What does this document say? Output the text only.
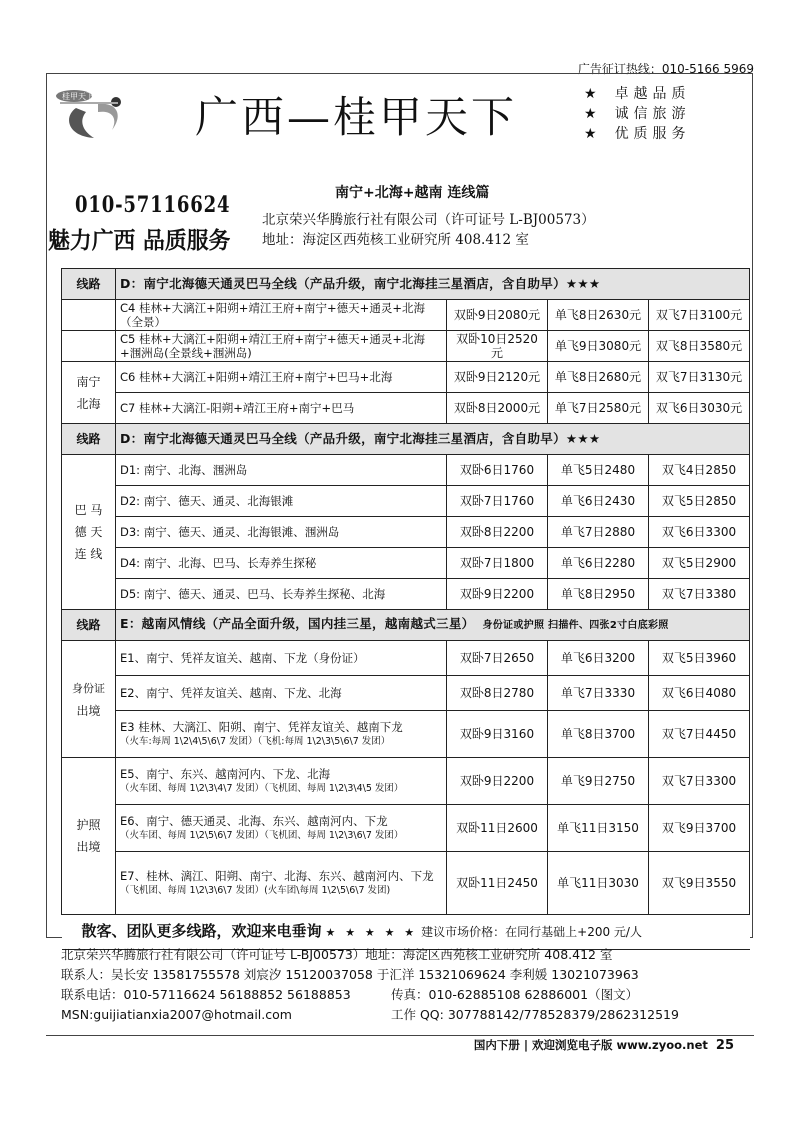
广告征订热线：010-5166 5969
桂甲天下 广西—桂甲天下	★ 卓越品质
★ 诚信旅游
★ 优质服务
南宁+北海+越南 连线篇
010-57116624
魅力广西 品质服务
北京荣兴华腾旅行社有限公司（许可证号 L-BJ00573）
地址：海淀区西苑核工业研究所 408.412 室
线路	D：南宁北海德天通灵巴马全线（产品升级，南宁北海挂三星酒店，含自助早）★★★			
	C4 桂林+大漓江+阳朔+靖江王府+南宁+德天+通灵+北海（全景）	双卧9日2080元	单飞8日2630元	双飞7日3100元
	C5 桂林+大漓江+阳朔+靖江王府+南宁+德天+通灵+北海+涠洲岛(全景线+涠洲岛)	双卧10日2520元	单飞9日3080元	双飞8日3580元
南宁
北海	C6 桂林+大漓江+阳朔+靖江王府+南宁+巴马+北海	双卧9日2120元	单飞8日2680元	双飞7日3130元
	C7 桂林+大漓江-阳朔+靖江王府+南宁+巴马	双卧8日2000元	单飞7日2580元	双飞6日3030元
线路	D：南宁北海德天通灵巴马全线（产品升级，南宁北海挂三星酒店，含自助早）★★★			
巴 马
德 天
连 线	D1: 南宁、北海、涠洲岛	双卧6日1760	单飞5日2480	双飞4日2850
	D2: 南宁、德天、通灵、北海银滩	双卧7日1760	单飞6日2430	双飞5日2850
	D3: 南宁、德天、通灵、北海银滩、涠洲岛	双卧8日2200	单飞7日2880	双飞6日3300
	D4: 南宁、北海、巴马、长寿养生探秘	双卧7日1800	单飞6日2280	双飞5日2900
	D5: 南宁、德天、通灵、巴马、长寿养生探秘、北海	双卧9日2200	单飞8日2950	双飞7日3380
线路	E：越南风情线（产品全面升级，国内挂三星，越南越式三星） 身份证或护照 扫描件、四张2寸白底彩照			
身份证
出境	E1、南宁、凭祥友谊关、越南、下龙（身份证）	双卧7日2650	单飞6日3200	双飞5日3960
	E2、南宁、凭祥友谊关、越南、下龙、北海	双卧8日2780	单飞7日3330	双飞6日4080
	E3 桂林、大漓江、阳朔、南宁、凭祥友谊关、越南下龙
（火车:每周 1\2\4\5\6\7 发团）（飞机:每周 1\2\3\5\6\7 发团）	双卧9日3160	单飞8日3700	双飞7日4450
护照
出境	E5、南宁、东兴、越南河内、下龙、北海
（火车团、每周 1\2\3\4\7 发团）（飞机团、每周 1\2\3\4\5 发团）	双卧9日2200	单飞9日2750	双飞7日3300
	E6、南宁、德天通灵、北海、东兴、越南河内、下龙
（火车团、每周 1\2\5\6\7 发团）（飞机团、每周 1\2\3\6\7 发团）	双卧11日2600	单飞11日3150	双飞9日3700
	E7、桂林、漓江、阳朔、南宁、北海、东兴、越南河内、下龙
（飞机团、每周 1\2\3\6\7 发团）(火车团\每周 1\2\5\6\7 发团)	双卧11日2450	单飞11日3030	双飞9日3550
散客、团队更多线路，欢迎来电垂询 ★ ★ ★ ★ ★ 建议市场价格：在同行基础上+200 元/人				
北京荣兴华腾旅行社有限公司（许可证号 L-BJ00573）地址：海淀区西苑核工业研究所 408.412 室
联系人：吴长安 13581755578 刘宸汐 15120037058 于汇洋 15321069624 李利媛 13021073963
联系电话：010-57116624 56188852 56188853	传真：010-62885108 62886001（图文）
MSN:guijiatianxia2007@hotmail.com	工作 QQ: 307788142/778528379/2862312519
国内下册 | 欢迎浏览电子版 www.zyoo.net 25
